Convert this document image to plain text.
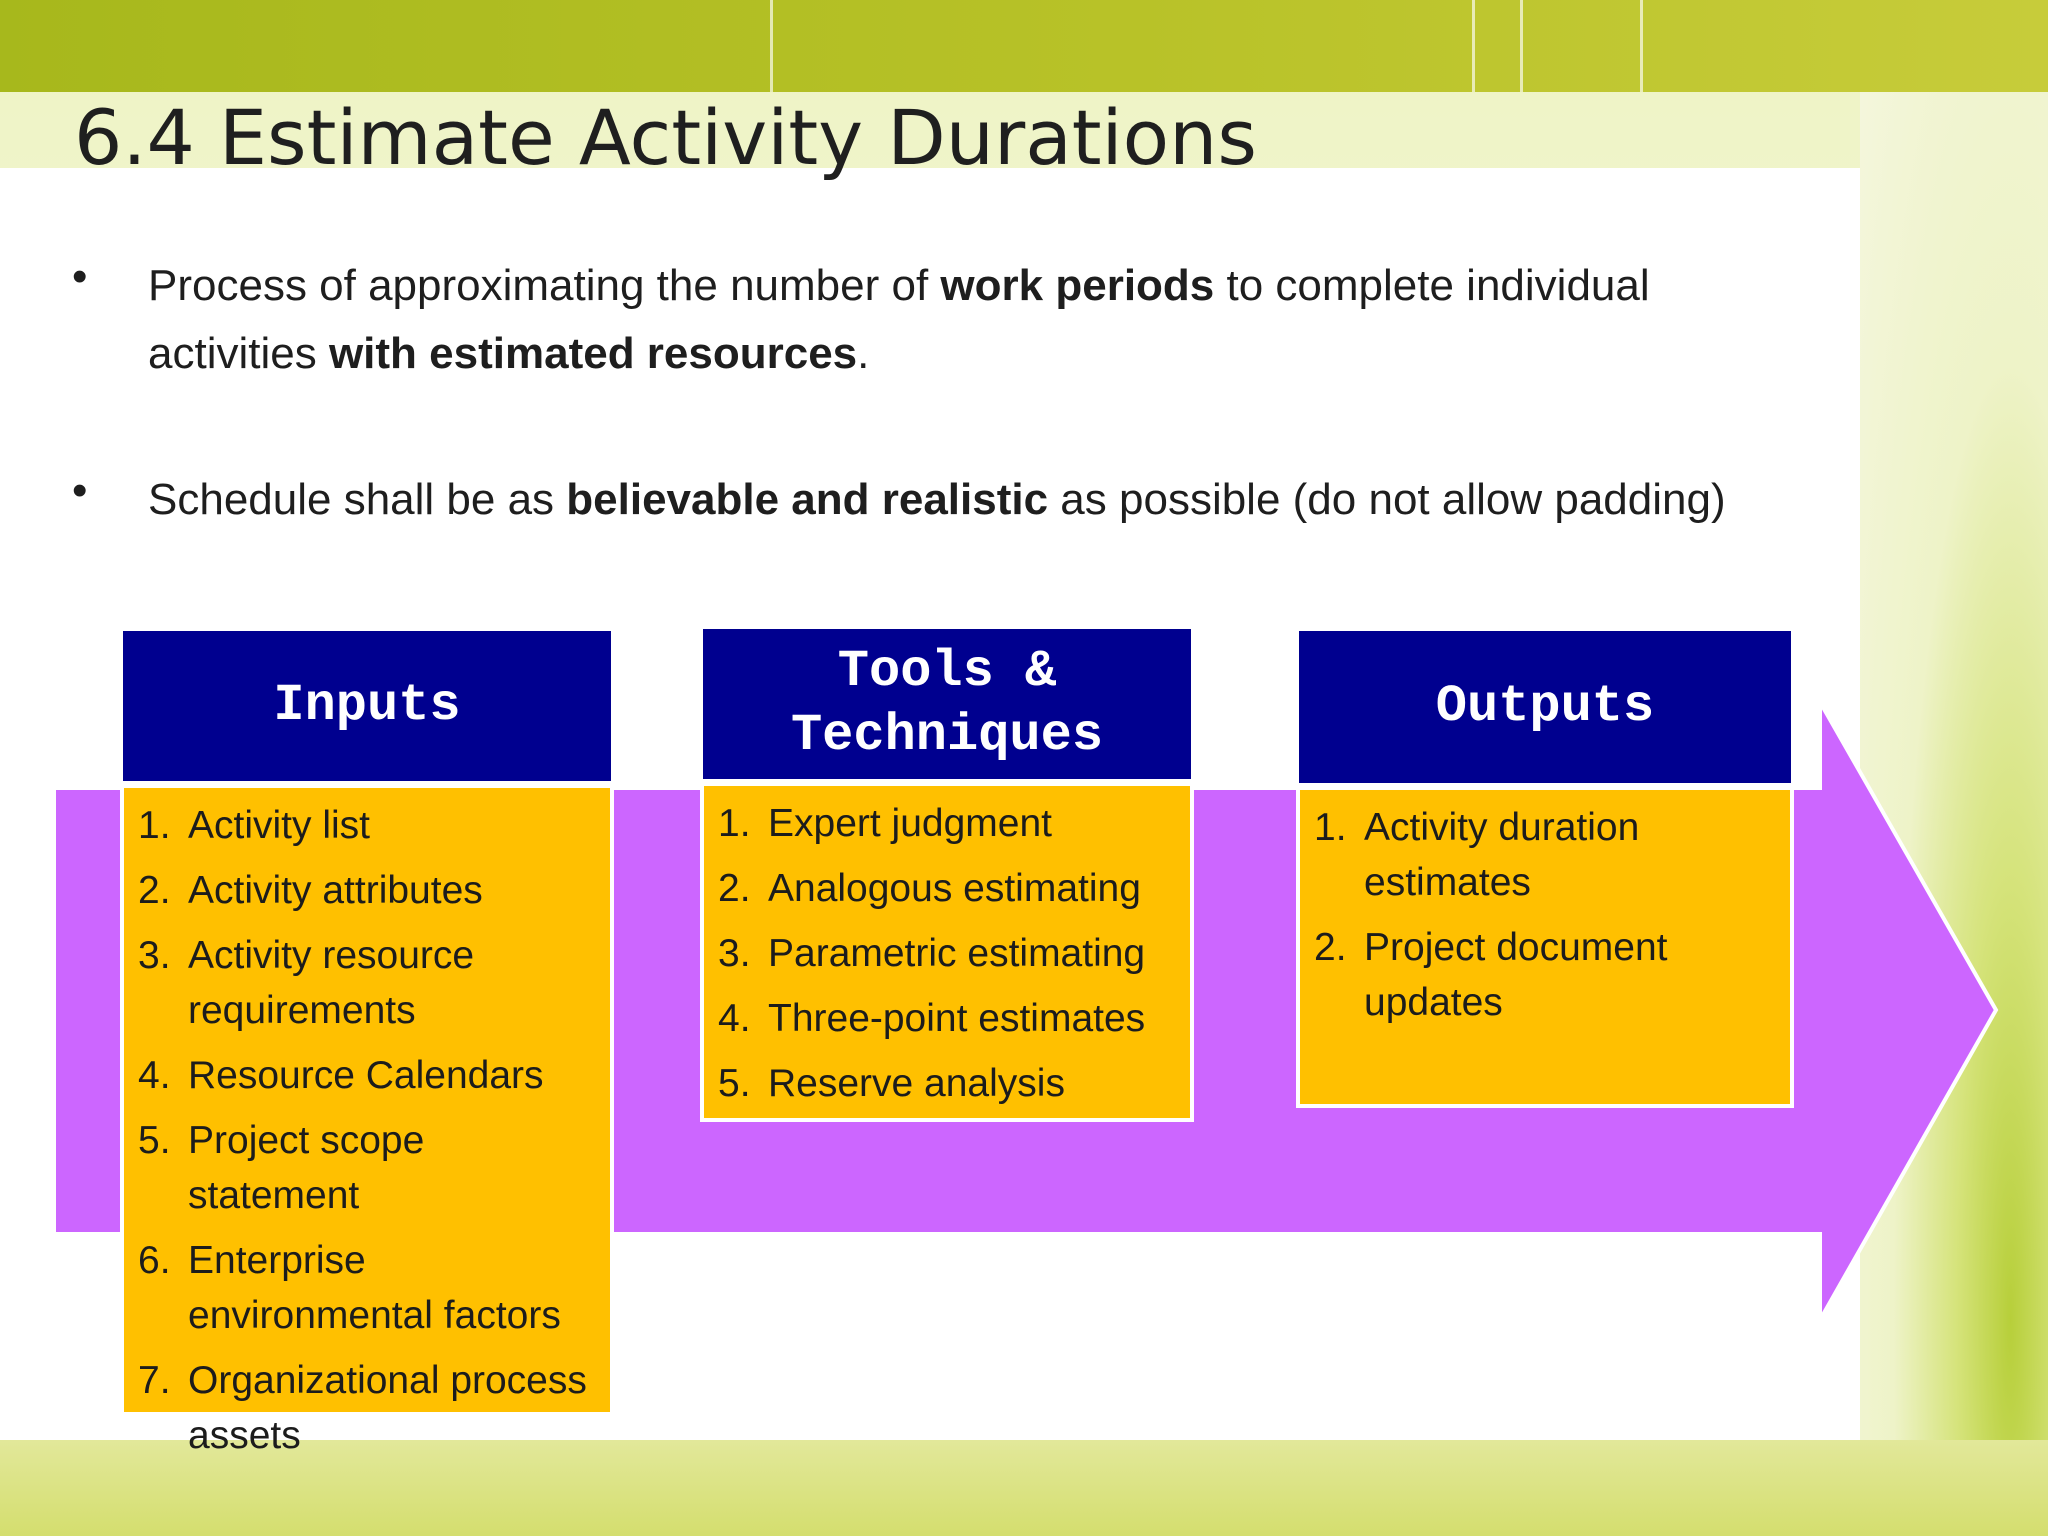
6.4 Estimate Activity Durations
• Process of approximating the number of work periods to complete individual activities with estimated resources.
• Schedule shall be as believable and realistic as possible (do not allow padding)
Inputs
1. Activity list
2. Activity attributes
3. Activity resource requirements
4. Resource Calendars
5. Project scope statement
6. Enterprise environmental factors
7. Organizational process assets
Tools & Techniques
1. Expert judgment
2. Analogous estimating
3. Parametric estimating
4. Three-point estimates
5. Reserve analysis
Outputs
1. Activity duration estimates
2. Project document updates
